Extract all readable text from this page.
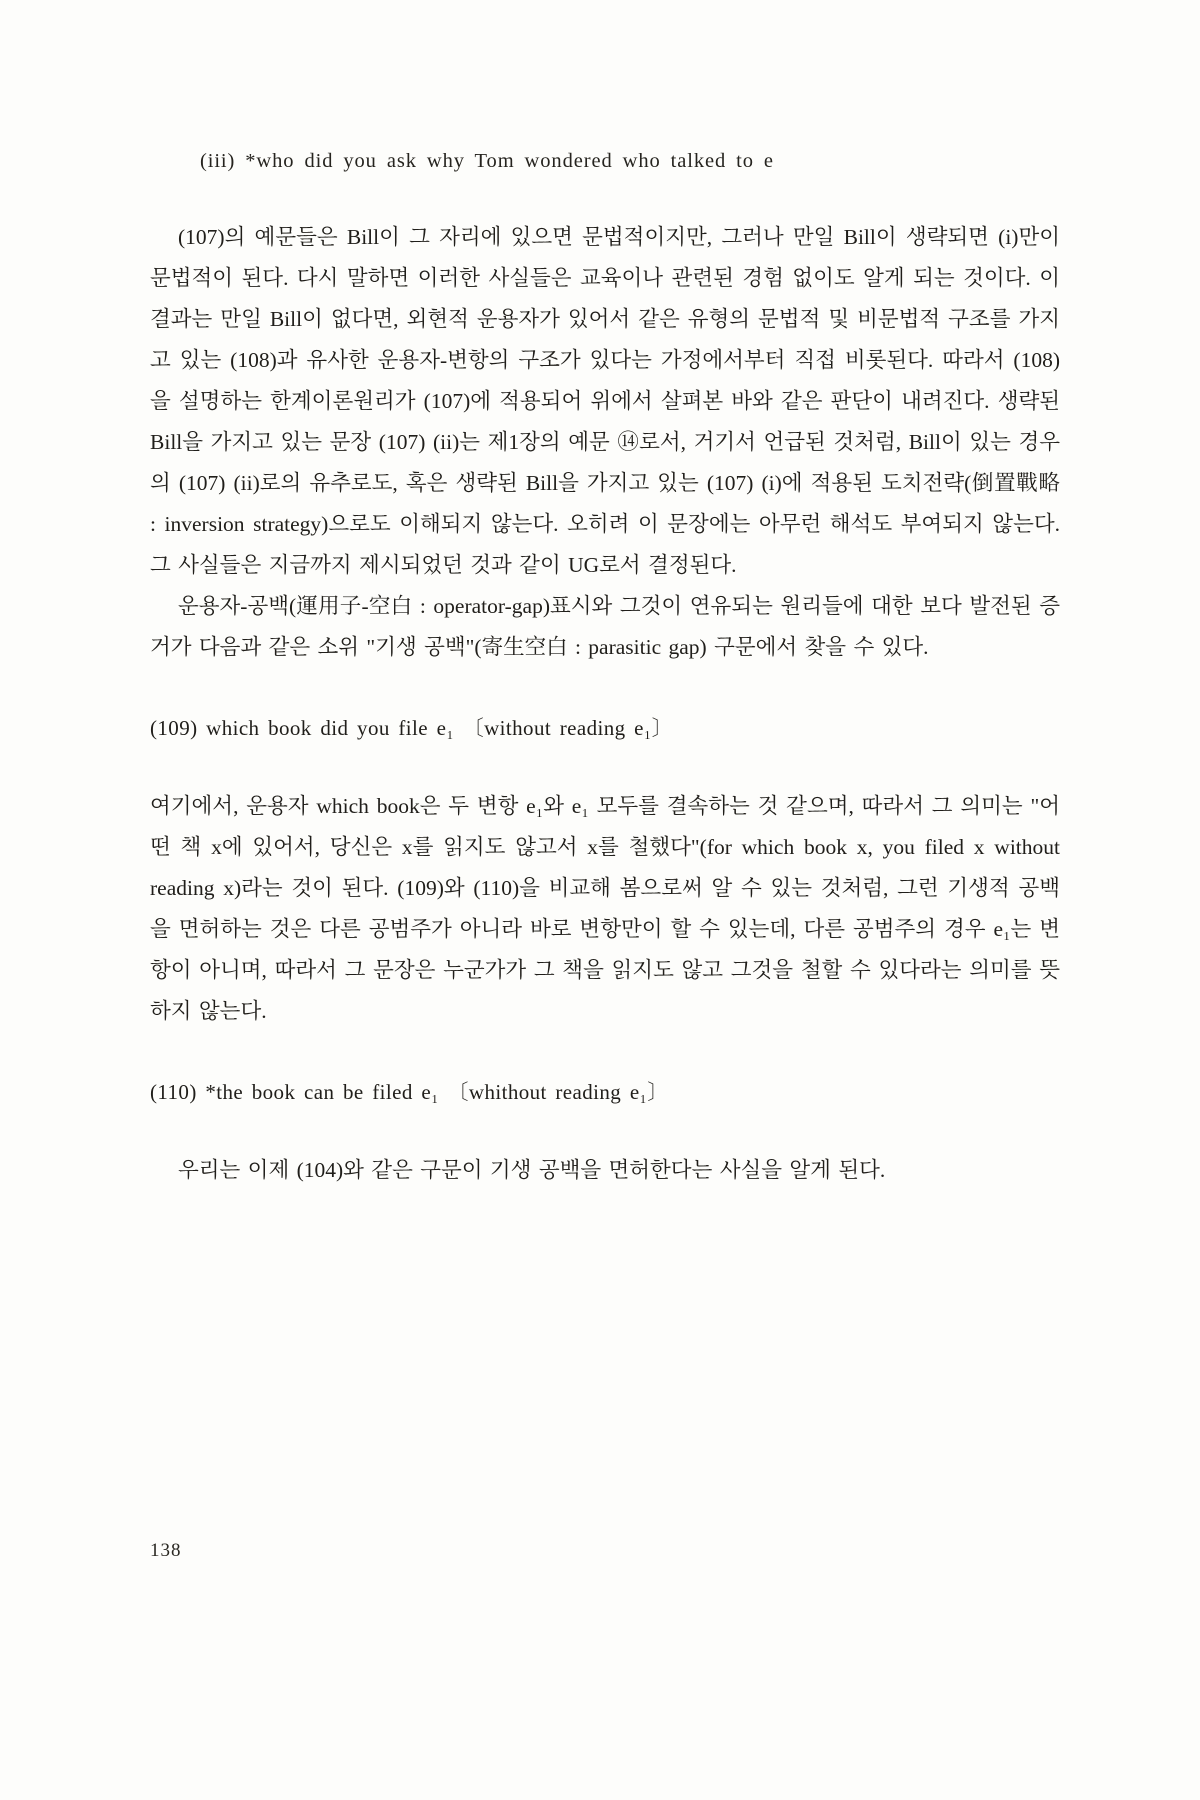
(iii) *who did you ask why Tom wondered who talked to e

(107)의 예문들은 Bill이 그 자리에 있으면 문법적이지만, 그러나 만일 Bill이 생략되면 (i)만이 문법적이 된다. 다시 말하면 이러한 사실들은 교육이나 관련된 경험 없이도 알게 되는 것이다. 이 결과는 만일 Bill이 없다면, 외현적 운용자가 있어서 같은 유형의 문법적 및 비문법적 구조를 가지고 있는 (108)과 유사한 운용자-변항의 구조가 있다는 가정에서부터 직접 비롯된다. 따라서 (108)을 설명하는 한계이론원리가 (107)에 적용되어 위에서 살펴본 바와 같은 판단이 내려진다. 생략된 Bill을 가지고 있는 문장 (107) (ii)는 제1장의 예문 ⑭로서, 거기서 언급된 것처럼, Bill이 있는 경우의 (107) (ii)로의 유추로도, 혹은 생략된 Bill을 가지고 있는 (107) (i)에 적용된 도치전략(倒置戰略 : inversion strategy)으로도 이해되지 않는다. 오히려 이 문장에는 아무런 해석도 부여되지 않는다. 그 사실들은 지금까지 제시되었던 것과 같이 UG로서 결정된다.

운용자-공백(運用子-空白 : operator-gap)표시와 그것이 연유되는 원리들에 대한 보다 발전된 증거가 다음과 같은 소위 "기생 공백"(寄生空白 : parasitic gap) 구문에서 찾을 수 있다.

(109) which book did you file e₁ 〔without reading e₁〕

여기에서, 운용자 which book은 두 변항 e₁와 e₁ 모두를 결속하는 것 같으며, 따라서 그 의미는 "어떤 책 x에 있어서, 당신은 x를 읽지도 않고서 x를 철했다"(for which book x, you filed x without reading x)라는 것이 된다. (109)와 (110)을 비교해 봄으로써 알 수 있는 것처럼, 그런 기생적 공백을 면허하는 것은 다른 공범주가 아니라 바로 변항만이 할 수 있는데, 다른 공범주의 경우 e₁는 변항이 아니며, 따라서 그 문장은 누군가가 그 책을 읽지도 않고 그것을 철할 수 있다라는 의미를 뜻하지 않는다.

(110) *the book can be filed e₁ 〔whithout reading e₁〕

우리는 이제 (104)와 같은 구문이 기생 공백을 면허한다는 사실을 알게 된다.

138
